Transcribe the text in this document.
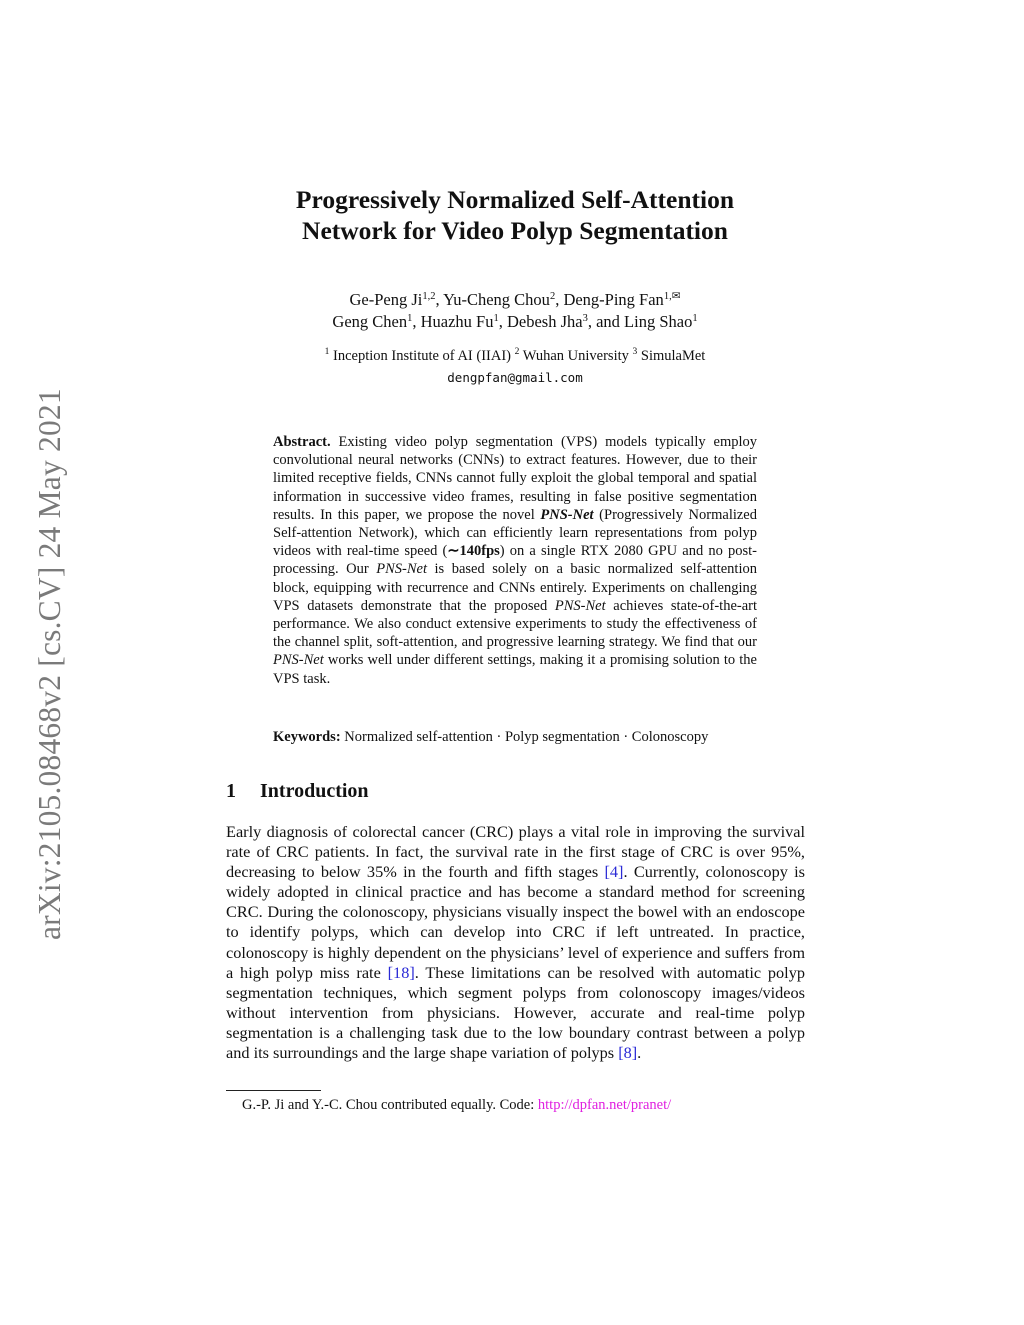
arXiv:2105.08468v2 [cs.CV] 24 May 2021
Progressively Normalized Self-Attention
Network for Video Polyp Segmentation
Ge-Peng Ji$^{1,2}$, Yu-Cheng Chou$^2$, Deng-Ping Fan$^{1,✉}$
Geng Chen$^1$, Huazhu Fu$^1$, Debesh Jha$^3$, and Ling Shao$^1$
$^1$ Inception Institute of AI (IIAI) $^2$ Wuhan University $^3$ SimulaMet
dengpfan@gmail.com
Abstract. Existing video polyp segmentation (VPS) models typically employ convolutional neural networks (CNNs) to extract features. However, due to their limited receptive fields, CNNs cannot fully exploit the global temporal and spatial information in successive video frames, resulting in false positive segmentation results. In this paper, we propose the novel PNS-Net (Progressively Normalized Self-attention Network), which can efficiently learn representations from polyp videos with real-time speed (∼140fps) on a single RTX 2080 GPU and no post-processing. Our PNS-Net is based solely on a basic normalized self-attention block, equipping with recurrence and CNNs entirely. Experiments on challenging VPS datasets demonstrate that the proposed PNS-Net achieves state-of-the-art performance. We also conduct extensive experiments to study the effectiveness of the channel split, soft-attention, and progressive learning strategy. We find that our PNS-Net works well under different settings, making it a promising solution to the VPS task.
Keywords: Normalized self-attention · Polyp segmentation · Colonoscopy
1 Introduction
Early diagnosis of colorectal cancer (CRC) plays a vital role in improving the survival rate of CRC patients. In fact, the survival rate in the first stage of CRC is over 95%, decreasing to below 35% in the fourth and fifth stages [4]. Currently, colonoscopy is widely adopted in clinical practice and has become a standard method for screening CRC. During the colonoscopy, physicians visually inspect the bowel with an endoscope to identify polyps, which can develop into CRC if left untreated. In practice, colonoscopy is highly dependent on the physicians’ level of experience and suffers from a high polyp miss rate [18]. These limitations can be resolved with automatic polyp segmentation techniques, which segment polyps from colonoscopy images/videos without intervention from physicians. However, accurate and real-time polyp segmentation is a challenging task due to the low boundary contrast between a polyp and its surroundings and the large shape variation of polyps [8].
G.-P. Ji and Y.-C. Chou contributed equally. Code: http://dpfan.net/pranet/
